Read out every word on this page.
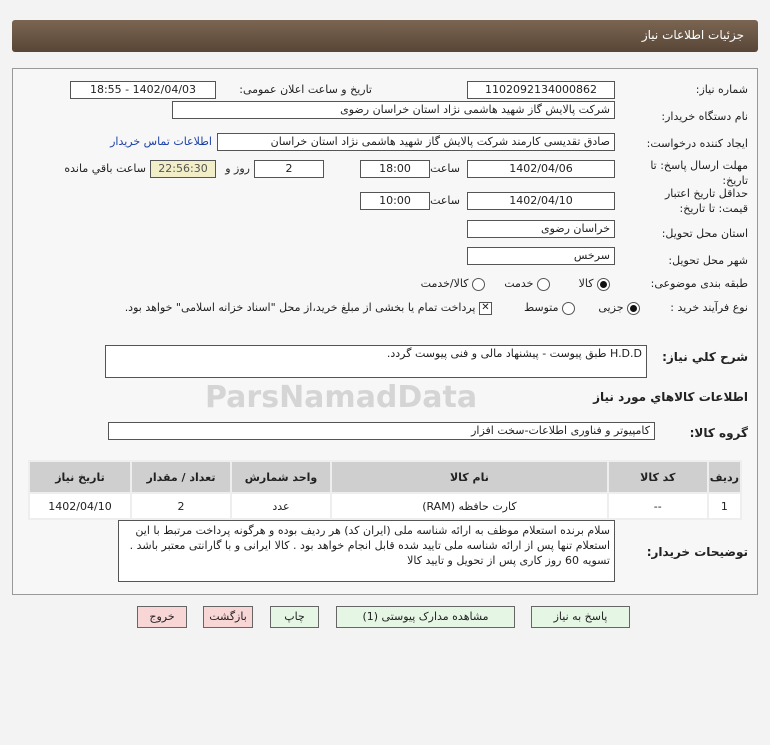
جزئیات اطلاعات نیاز
ParsNamadData
شماره نیاز:
1102092134000862
تاریخ و ساعت اعلان عمومی:
1402/04/03 - 18:55
نام دستگاه خریدار:
شرکت پالایش گاز شهید هاشمی نژاد استان خراسان رضوی
ایجاد کننده درخواست:
صادق تقدیسی کارمند شرکت پالایش گاز شهید هاشمی نژاد استان خراسان
اطلاعات تماس خریدار
مهلت ارسال پاسخ: تا تاریخ:
1402/04/06
ساعت
18:00
2
روز و
22:56:30
ساعت باقي مانده
حداقل تاریخ اعتبار قیمت: تا تاریخ:
1402/04/10
ساعت
10:00
استان محل تحویل:
خراسان رضوی
شهر محل تحویل:
سرخس
طبقه بندی موضوعی:
کالا
خدمت
کالا/خدمت
نوع فرآیند خرید :
جزیی
متوسط
✕ پرداخت تمام یا بخشی از مبلغ خرید،از محل "اسناد خزانه اسلامی" خواهد بود.
شرح کلي نياز:
H.D.D طبق پیوست - پیشنهاد مالی و فنی پیوست گردد.
اطلاعات کالاهاي مورد نياز
گروه کالا:
کامپیوتر و فناوری اطلاعات-سخت افزار
ردیف	کد کالا	نام کالا	واحد شمارش	تعداد / مقدار	تاریخ نیاز
1	--	کارت حافظه (RAM)	عدد	2	1402/04/10
توضیحات خریدار:
سلام برنده استعلام موظف به ارائه شناسه ملی (ایران کد) هر ردیف بوده و هرگونه پرداخت مرتبط با این استعلام تنها پس از ارائه شناسه ملی تایید شده قابل انجام خواهد بود . کالا ایرانی و با گارانتی معتبر باشد . تسویه 60 روز کاری پس از تحویل و تایید کالا
پاسخ به نیاز
مشاهده مدارک پیوستی (1)
چاپ
بازگشت
خروج
